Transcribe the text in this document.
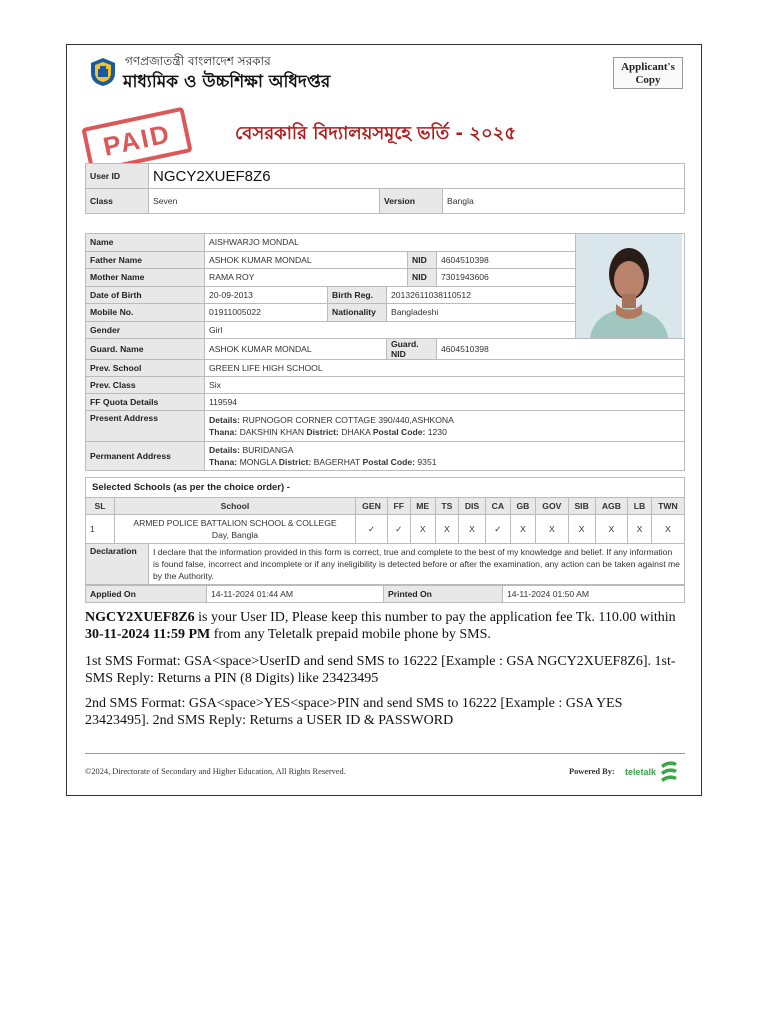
গণপ্রজাতন্ত্রী বাংলাদেশ সরকার
মাধ্যমিক ও উচ্চশিক্ষা অধিদপ্তর
Applicant's
Copy
PAID	বেসরকারি বিদ্যালয়সমূহে ভর্তি - ২০২৫
User ID	NGCY2XUEF8Z6		
Class	Seven	Version	Bangla
Name	AISHWARJO MONDAL	

Father Name	ASHOK KUMAR MONDAL			NID	4604510398	
Mother Name	RAMA ROY			NID	7301943606	
Date of Birth	20-09-2013	Birth Reg.	20132611038110512			
Mobile No.	01911005022	Nationality	Bangladeshi			
Gender	Girl					
Guard. Name	ASHOK KUMAR MONDAL		Guard. NID		4604510398	
Prev. School	GREEN LIFE HIGH SCHOOL					
Prev. Class	Six					
FF Quota Details	119594					
Present Address	Details: RUPNOGOR CORNER COTTAGE 390/440,ASHKONA
Thana: DAKSHIN KHAN District: DHAKA Postal Code: 1230					

Permanent Address	Details: BURIDANGA
Thana: MONGLA District: BAGERHAT Postal Code: 9351					
Selected Schools (as per the choice order) -
SL	School	GEN	FF	ME	TS	DIS	CA	GB	GOV	SIB	AGB	LB	TWN
1	ARMED POLICE BATTALION SCHOOL & COLLEGE
Day, Bangla	✓	✓	X	X	X	✓	X	X	X	X	X	X
Declaration	I declare that the information provided in this form is correct, true and complete to the best of my knowledge and belief. If any information is found false, incorrect and incomplete or if any ineligibility is detected before or after the examination, any action can be taken against me by the Authority.
Applied On	14-11-2024 01:44 AM	Printed On	14-11-2024 01:50 AM
NGCY2XUEF8Z6 is your User ID, Please keep this number to pay the application fee Tk. 110.00 within 30-11-2024 11:59 PM from any Teletalk prepaid mobile phone by SMS.
1st SMS Format: GSA<space>UserID and send SMS to 16222 [Example : GSA NGCY2XUEF8Z6]. 1st-SMS Reply: Returns a PIN (8 Digits) like 23423495
2nd SMS Format: GSA<space>YES<space>PIN and send SMS to 16222 [Example : GSA YES 23423495]. 2nd SMS Reply: Returns a USER ID & PASSWORD
©2024, Directorate of Secondary and Higher Education, All Rights Reserved.	Powered By: teletalk
